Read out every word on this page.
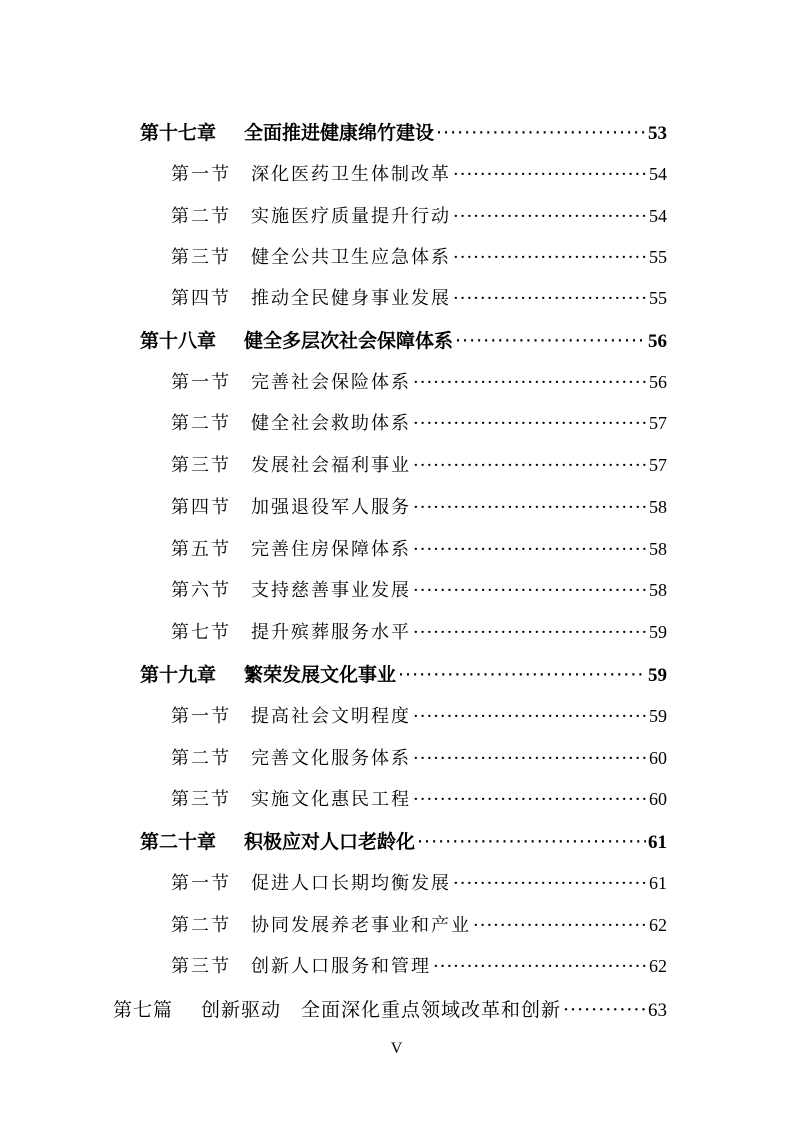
第十七章	全面推进健康绵竹建设 ·····	53
第一节	深化医药卫生体制改革 ·····	54
第二节	实施医疗质量提升行动 ·····	54
第三节	健全公共卫生应急体系 ·····	55
第四节	推动全民健身事业发展 ·····	55
第十八章	健全多层次社会保障体系 ·····	56
第一节	完善社会保险体系 ·····	56
第二节	健全社会救助体系 ·····	57
第三节	发展社会福利事业 ·····	57
第四节	加强退役军人服务 ·····	58
第五节	完善住房保障体系 ·····	58
第六节	支持慈善事业发展 ·····	58
第七节	提升殡葬服务水平 ·····	59
第十九章	繁荣发展文化事业 ·····	59
第一节	提高社会文明程度 ·····	59
第二节	完善文化服务体系 ·····	60
第三节	实施文化惠民工程 ·····	60
第二十章	积极应对人口老龄化 ·····	61
第一节	促进人口长期均衡发展 ·····	61
第二节	协同发展养老事业和产业 ·····	62
第三节	创新人口服务和管理 ·····	62
第七篇	创新驱动　全面深化重点领域改革和创新 ·····	63
V
